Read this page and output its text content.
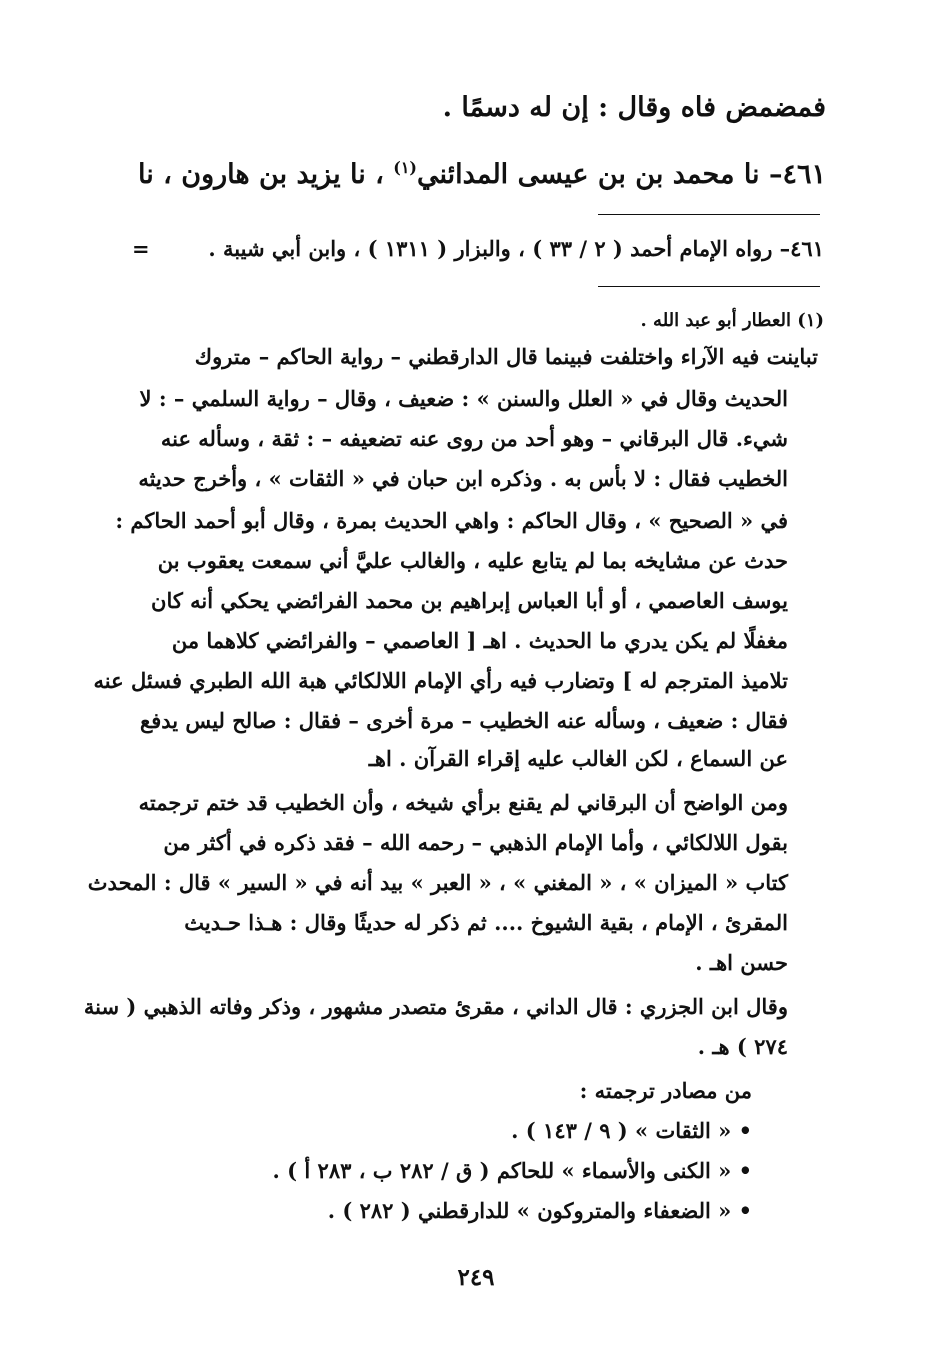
فمضمض فاه وقال : إن له دسمًا .
٤٦١– نا محمد بن بن عيسى المدائني$^{(١)}$ ، نا يزيد بن هارون ، نا
٤٦١– رواه الإمام أحمد ( ٢ / ٣٣ ) ، والبزار ( ١٣١١ ) ، وابن أبي شيبة .
=
(١) العطار أبو عبد الله .
تباينت فيه الآراء واختلفت فبينما قال الدارقطني – رواية الحاكم – متروك
الحديث وقال في « العلل والسنن » : ضعيف ، وقال – رواية السلمي – : لا
شيء. قال البرقاني – وهو أحد من روى عنه تضعيفه – : ثقة ، وسأله عنه
الخطيب فقال : لا بأس به . وذكره ابن حبان في « الثقات » ، وأخرج حديثه
في « الصحيح » ، وقال الحاكم : واهي الحديث بمرة ، وقال أبو أحمد الحاكم :
حدث عن مشايخه بما لم يتابع عليه ، والغالب عليَّ أني سمعت يعقوب بن
يوسف العاصمي ، أو أبا العباس إبراهيم بن محمد الفرائضي يحكي أنه كان
مغفلًا لم يكن يدري ما الحديث . اهـ [ العاصمي – والفرائضي كلاهما من
تلاميذ المترجم له ] وتضارب فيه رأي الإمام اللالكائي هبة الله الطبري فسئل عنه
فقال : ضعيف ، وسأله عنه الخطيب – مرة أخرى – فقال : صالح ليس يدفع
عن السماع ، لكن الغالب عليه إقراء القرآن . اهـ
ومن الواضح أن البرقاني لم يقنع برأي شيخه ، وأن الخطيب قد ختم ترجمته
بقول اللالكائي ، وأما الإمام الذهبي – رحمه الله – فقد ذكره في أكثر من
كتاب « الميزان » ، « المغني » ، « العبر » بيد أنه في « السير » قال : المحدث
المقرئ ، الإمام ، بقية الشيوخ .... ثم ذكر له حديثًا وقال : هـذا حـديث
حسن اهـ .
وقال ابن الجزري : قال الداني ، مقرئ متصدر مشهور ، وذكر وفاته الذهبي ( سنة
٢٧٤ ) هـ .
من مصادر ترجمته :
• « الثقات » ( ٩ / ١٤٣ ) .
• « الكنى والأسماء » للحاكم ( ق / ٢٨٢ ب ، ٢٨٣ أ ) .
• « الضعفاء والمتروكون » للدارقطني ( ٢٨٢ ) .
٢٤٩
